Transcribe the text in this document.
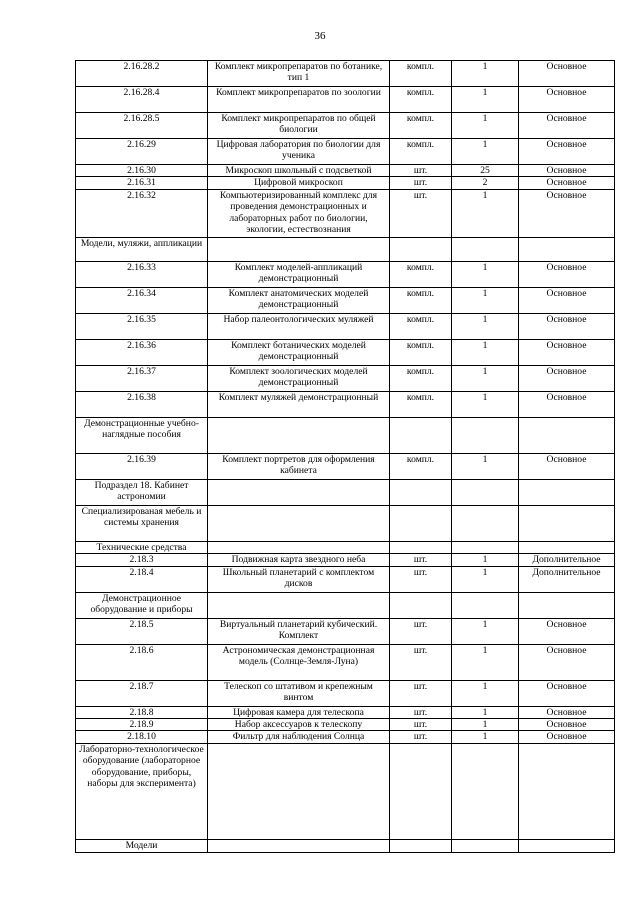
36
2.16.28.2	Комплект микропрепаратов по ботанике, тип 1	компл.	1	Основное
2.16.28.4	Комплект микропрепаратов по зоологии	компл.	1	Основное
2.16.28.5	Комплект микропрепаратов по общей биологии	компл.	1	Основное
2.16.29	Цифровая лаборатория по биологии для ученика	компл.	1	Основное
2.16.30	Микроскоп школьный с подсветкой	шт.	25	Основное
2.16.31	Цифровой микроскоп	шт.	2	Основное
2.16.32	Компьютеризированный комплекс для проведения демонстрационных и лабораторных работ по биологии, экологии, естествознания	шт.	1	Основное
Модели, муляжи, аппликации				
2.16.33	Комплект моделей-аппликаций демонстрационный	компл.	1	Основное
2.16.34	Комплект анатомических моделей демонстрационный	компл.	1	Основное
2.16.35	Набор палеонтологических муляжей	компл.	1	Основное
2.16.36	Комплект ботанических моделей демонстрационный	компл.	1	Основное
2.16.37	Комплект зоологических моделей демонстрационный	компл.	1	Основное
2.16.38	Комплект муляжей демонстрационный	компл.	1	Основное
Демонстрационные учебно-наглядные пособия				
2.16.39	Комплект портретов для оформления кабинета	компл.	1	Основное
Подраздел 18. Кабинет астрономии				
Специализированая мебель и системы хранения				
Технические средства				
2.18.3	Подвижная карта звездного неба	шт.	1	Дополнительное
2.18.4	Школьный планетарий с комплектом дисков	шт.	1	Дополнительное
Демонстрационное оборудование и приборы				
2.18.5	Виртуальный планетарий кубический. Комплект	шт.	1	Основное
2.18.6	Астрономическая демонстрационная модель (Солнце-Земля-Луна)	шт.	1	Основное
2.18.7	Телескоп со штативом и крепежным винтом	шт.	1	Основное
2.18.8	Цифровая камера для телескопа	шт.	1	Основное
2.18.9	Набор аксессуаров к телескопу	шт.	1	Основное
2.18.10	Фильтр для наблюдения Солнца	шт.	1	Основное
Лабораторно-технологическое оборудование (лабораторное оборудование, приборы, наборы для эксперимента)				
Модели				
